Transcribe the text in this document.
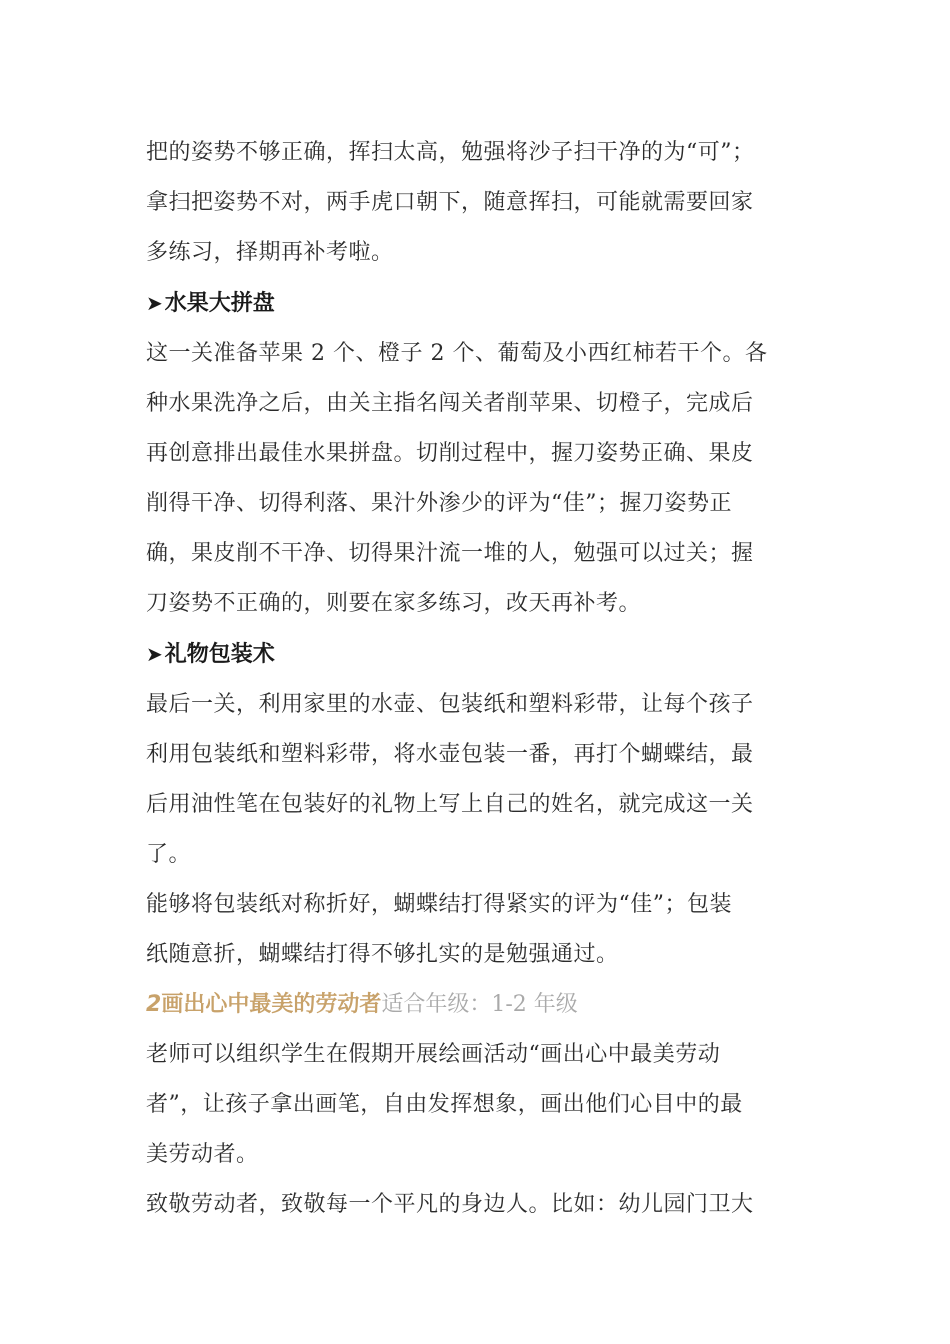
把的姿势不够正确，挥扫太高，勉强将沙子扫干净的为“可”；

拿扫把姿势不对，两手虎口朝下，随意挥扫，可能就需要回家

多练习，择期再补考啦。

➤水果大拼盘

这一关准备苹果 2 个、橙子 2 个、葡萄及小西红柿若干个。各

种水果洗净之后，由关主指名闯关者削苹果、切橙子，完成后

再创意排出最佳水果拼盘。切削过程中，握刀姿势正确、果皮

削得干净、切得利落、果汁外渗少的评为“佳”；握刀姿势正

确，果皮削不干净、切得果汁流一堆的人，勉强可以过关；握

刀姿势不正确的，则要在家多练习，改天再补考。

➤礼物包装术

最后一关，利用家里的水壶、包装纸和塑料彩带，让每个孩子

利用包装纸和塑料彩带，将水壶包装一番，再打个蝴蝶结，最

后用油性笔在包装好的礼物上写上自己的姓名，就完成这一关

了。

能够将包装纸对称折好，蝴蝶结打得紧实的评为“佳”；包装

纸随意折，蝴蝶结打得不够扎实的是勉强通过。

2画出心中最美的劳动者适合年级：1-2 年级

老师可以组织学生在假期开展绘画活动“画出心中最美劳动

者”，让孩子拿出画笔，自由发挥想象，画出他们心目中的最

美劳动者。

致敬劳动者，致敬每一个平凡的身边人。比如：幼儿园门卫大
